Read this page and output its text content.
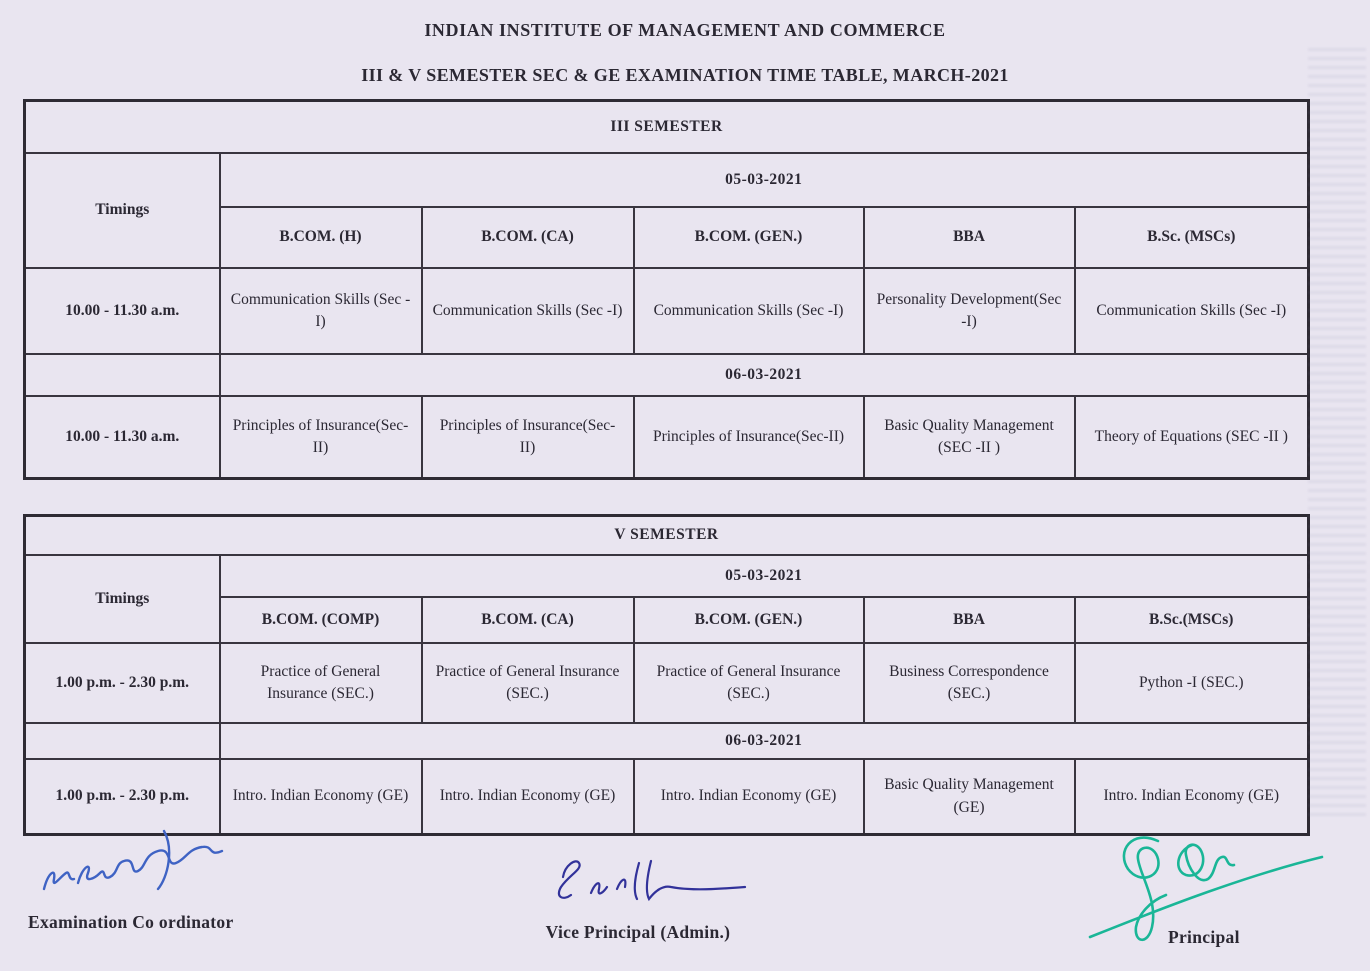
INDIAN INSTITUTE OF MANAGEMENT AND COMMERCE
III & V SEMESTER SEC & GE EXAMINATION TIME TABLE, MARCH-2021
III SEMESTER					
Timings	05-03-2021				
	B.COM. (H)	B.COM. (CA)	B.COM. (GEN.)	BBA	B.Sc. (MSCs)
10.00 - 11.30 a.m.	Communication Skills (Sec -I)	Communication Skills (Sec -I)	Communication Skills (Sec -I)	Personality Development(Sec -I)	Communication Skills (Sec -I)
	06-03-2021				
10.00 - 11.30 a.m.	Principles of Insurance(Sec- II)	Principles of Insurance(Sec- II)	Principles of Insurance(Sec-II)	Basic Quality Management (SEC -II )	Theory of Equations (SEC -II )
V SEMESTER					
Timings	05-03-2021				
	B.COM. (COMP)	B.COM. (CA)	B.COM. (GEN.)	BBA	B.Sc.(MSCs)
1.00 p.m. - 2.30 p.m.	Practice of General Insurance (SEC.)	Practice of General Insurance (SEC.)	Practice of General Insurance (SEC.)	Business Correspondence (SEC.)	Python -I (SEC.)
	06-03-2021				
1.00 p.m. - 2.30 p.m.	Intro. Indian Economy (GE)	Intro. Indian Economy (GE)	Intro. Indian Economy (GE)	Basic Quality Management (GE)	Intro. Indian Economy (GE)
Examination Co ordinator	Vice Principal (Admin.)	Principal
